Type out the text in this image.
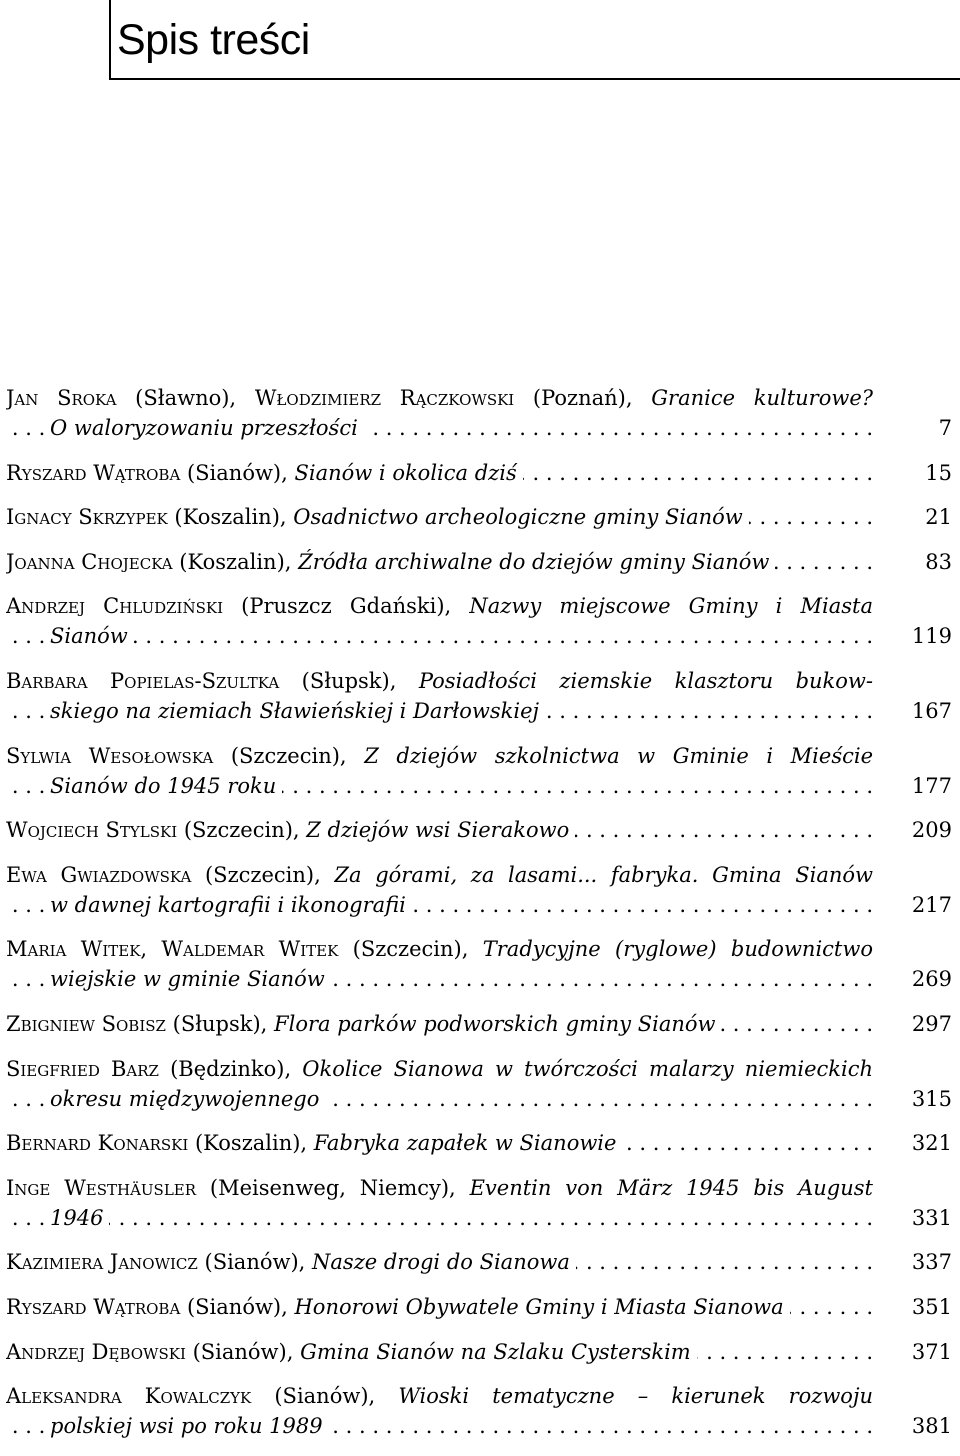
Spis treści
Jan Sroka (Sławno), Włodzimierz Rączkowski (Poznań), Granice kulturowe?
O waloryzowaniu przeszłości . . .	7
Ryszard Wątroba (Sianów), Sianów i okolica dziś . . .	15
Ignacy Skrzypek (Koszalin), Osadnictwo archeologiczne gminy Sianów . . .	21
Joanna Chojecka (Koszalin), Źródła archiwalne do dziejów gminy Sianów . . .	83
Andrzej Chludziński (Pruszcz Gdański), Nazwy miejscowe Gminy i Miasta
Sianów . . .	119
Barbara Popielas-Szultka (Słupsk), Posiadłości ziemskie klasztoru bukow-
skiego na ziemiach Sławieńskiej i Darłowskiej . . .	167
Sylwia Wesołowska (Szczecin), Z dziejów szkolnictwa w Gminie i Mieście
Sianów do 1945 roku . . .	177
Wojciech Stylski (Szczecin), Z dziejów wsi Sierakowo . . .	209
Ewa Gwiazdowska (Szczecin), Za górami, za lasami... fabryka. Gmina Sianów
w dawnej kartografii i ikonografii . . .	217
Maria Witek, Waldemar Witek (Szczecin), Tradycyjne (ryglowe) budownictwo
wiejskie w gminie Sianów . . .	269
Zbigniew Sobisz (Słupsk), Flora parków podworskich gminy Sianów . . .	297
Siegfried Barz (Będzinko), Okolice Sianowa w twórczości malarzy niemieckich
okresu międzywojennego . . .	315
Bernard Konarski (Koszalin), Fabryka zapałek w Sianowie . . .	321
Inge Westhäusler (Meisenweg, Niemcy), Eventin von März 1945 bis August
1946 . . .	331
Kazimiera Janowicz (Sianów), Nasze drogi do Sianowa . . .	337
Ryszard Wątroba (Sianów), Honorowi Obywatele Gminy i Miasta Sianowa . . .	351
Andrzej Dębowski (Sianów), Gmina Sianów na Szlaku Cysterskim . . .	371
Aleksandra Kowalczyk (Sianów), Wioski tematyczne – kierunek rozwoju
polskiej wsi po roku 1989 . . .	381
